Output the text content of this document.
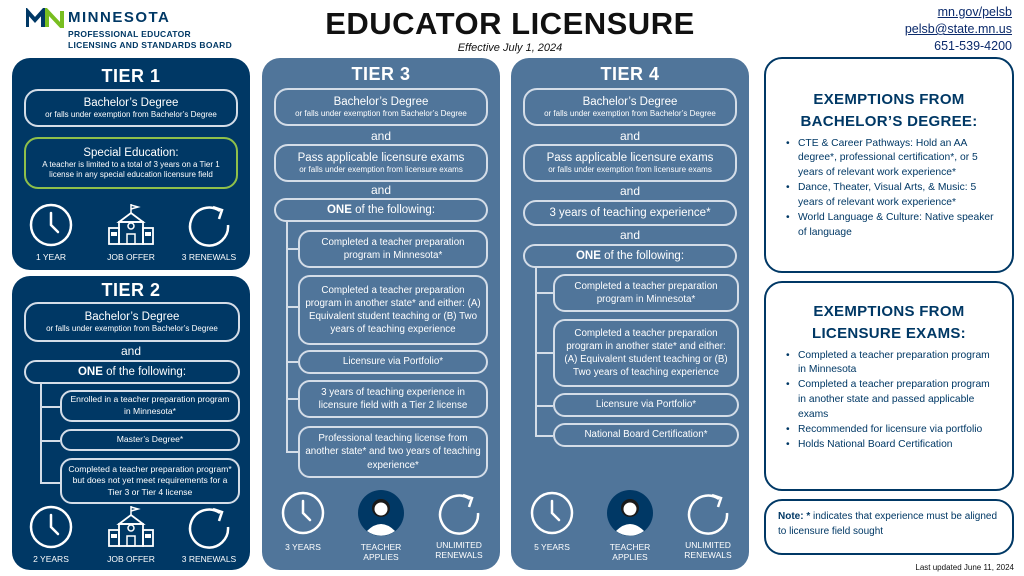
MINNESOTA
PROFESSIONAL EDUCATOR
LICENSING AND STANDARDS BOARD
EDUCATOR LICENSURE
Effective July 1, 2024
mn.gov/pelsb
pelsb@state.mn.us
651-539-4200
TIER 1
Bachelor’s Degree
or falls under exemption from Bachelor’s Degree
Special Education:
A teacher is limited to a total of 3 years on a Tier 1 license in any special education licensure field
1 YEAR	JOB OFFER	3 RENEWALS
TIER 2
Bachelor’s Degree
or falls under exemption from Bachelor’s Degree
and
ONE of the following:
Enrolled in a teacher preparation program in Minnesota*
Master’s Degree*
Completed a teacher preparation program* but does not yet meet requirements for a Tier 3 or Tier 4 license
2 YEARS	JOB OFFER	3 RENEWALS
TIER 3
Bachelor’s Degree
or falls under exemption from Bachelor’s Degree
and
Pass applicable licensure exams
or falls under exemption from licensure exams
and
ONE of the following:
Completed a teacher preparation program in Minnesota*
Completed a teacher preparation program in another state* and either: (A) Equivalent student teaching or (B) Two years of teaching experience
Licensure via Portfolio*
3 years of teaching experience in licensure field with a Tier 2 license
Professional teaching license from another state* and two years of teaching experience*
3 YEARS	TEACHER
APPLIES
UNLIMITED
RENEWALS
TIER 4
Bachelor’s Degree
or falls under exemption from Bachelor’s Degree
and
Pass applicable licensure exams
or falls under exemption from licensure exams
and
3 years of teaching experience*
and
ONE of the following:
Completed a teacher preparation program in Minnesota*
Completed a teacher preparation program in another state* and either: (A) Equivalent student teaching or (B) Two years of teaching experience
Licensure via Portfolio*
National Board Certification*
5 YEARS	TEACHER
APPLIES
UNLIMITED
RENEWALS
EXEMPTIONS FROM
BACHELOR’S DEGREE:
• CTE & Career Pathways: Hold an AA degree*, professional certification*, or 5 years of relevant work experience*
• Dance, Theater, Visual Arts, & Music: 5 years of relevant work experience*
• World Language & Culture: Native speaker of language
EXEMPTIONS FROM
LICENSURE EXAMS:
• Completed a teacher preparation program in Minnesota
• Completed a teacher preparation program in another state and passed applicable exams
• Recommended for licensure via portfolio
• Holds National Board Certification
Note: * indicates that experience must be aligned to licensure field sought
Last updated June 11, 2024
